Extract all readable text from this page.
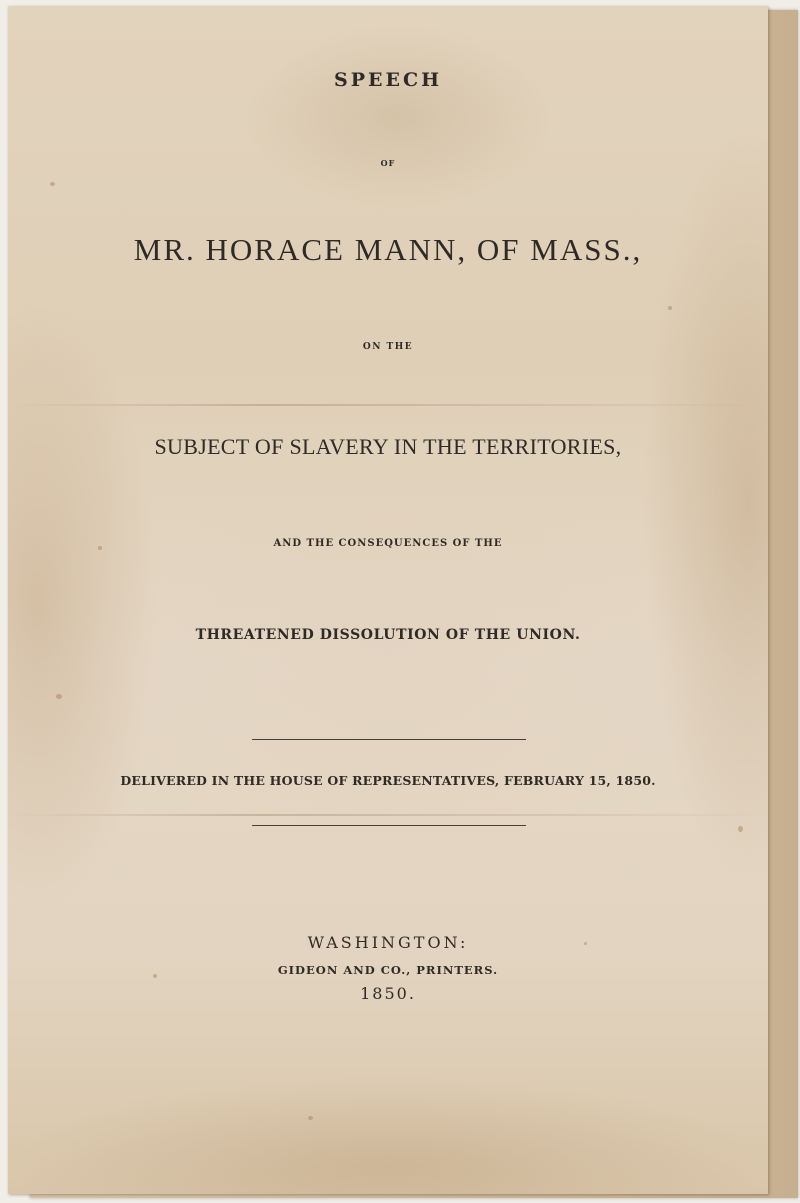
SPEECH
OF
MR. HORACE MANN, OF MASS.,
ON THE
SUBJECT OF SLAVERY IN THE TERRITORIES,
AND THE CONSEQUENCES OF THE
THREATENED DISSOLUTION OF THE UNION.
DELIVERED IN THE HOUSE OF REPRESENTATIVES, FEBRUARY 15, 1850.
WASHINGTON:
GIDEON AND CO., PRINTERS.
1850.
